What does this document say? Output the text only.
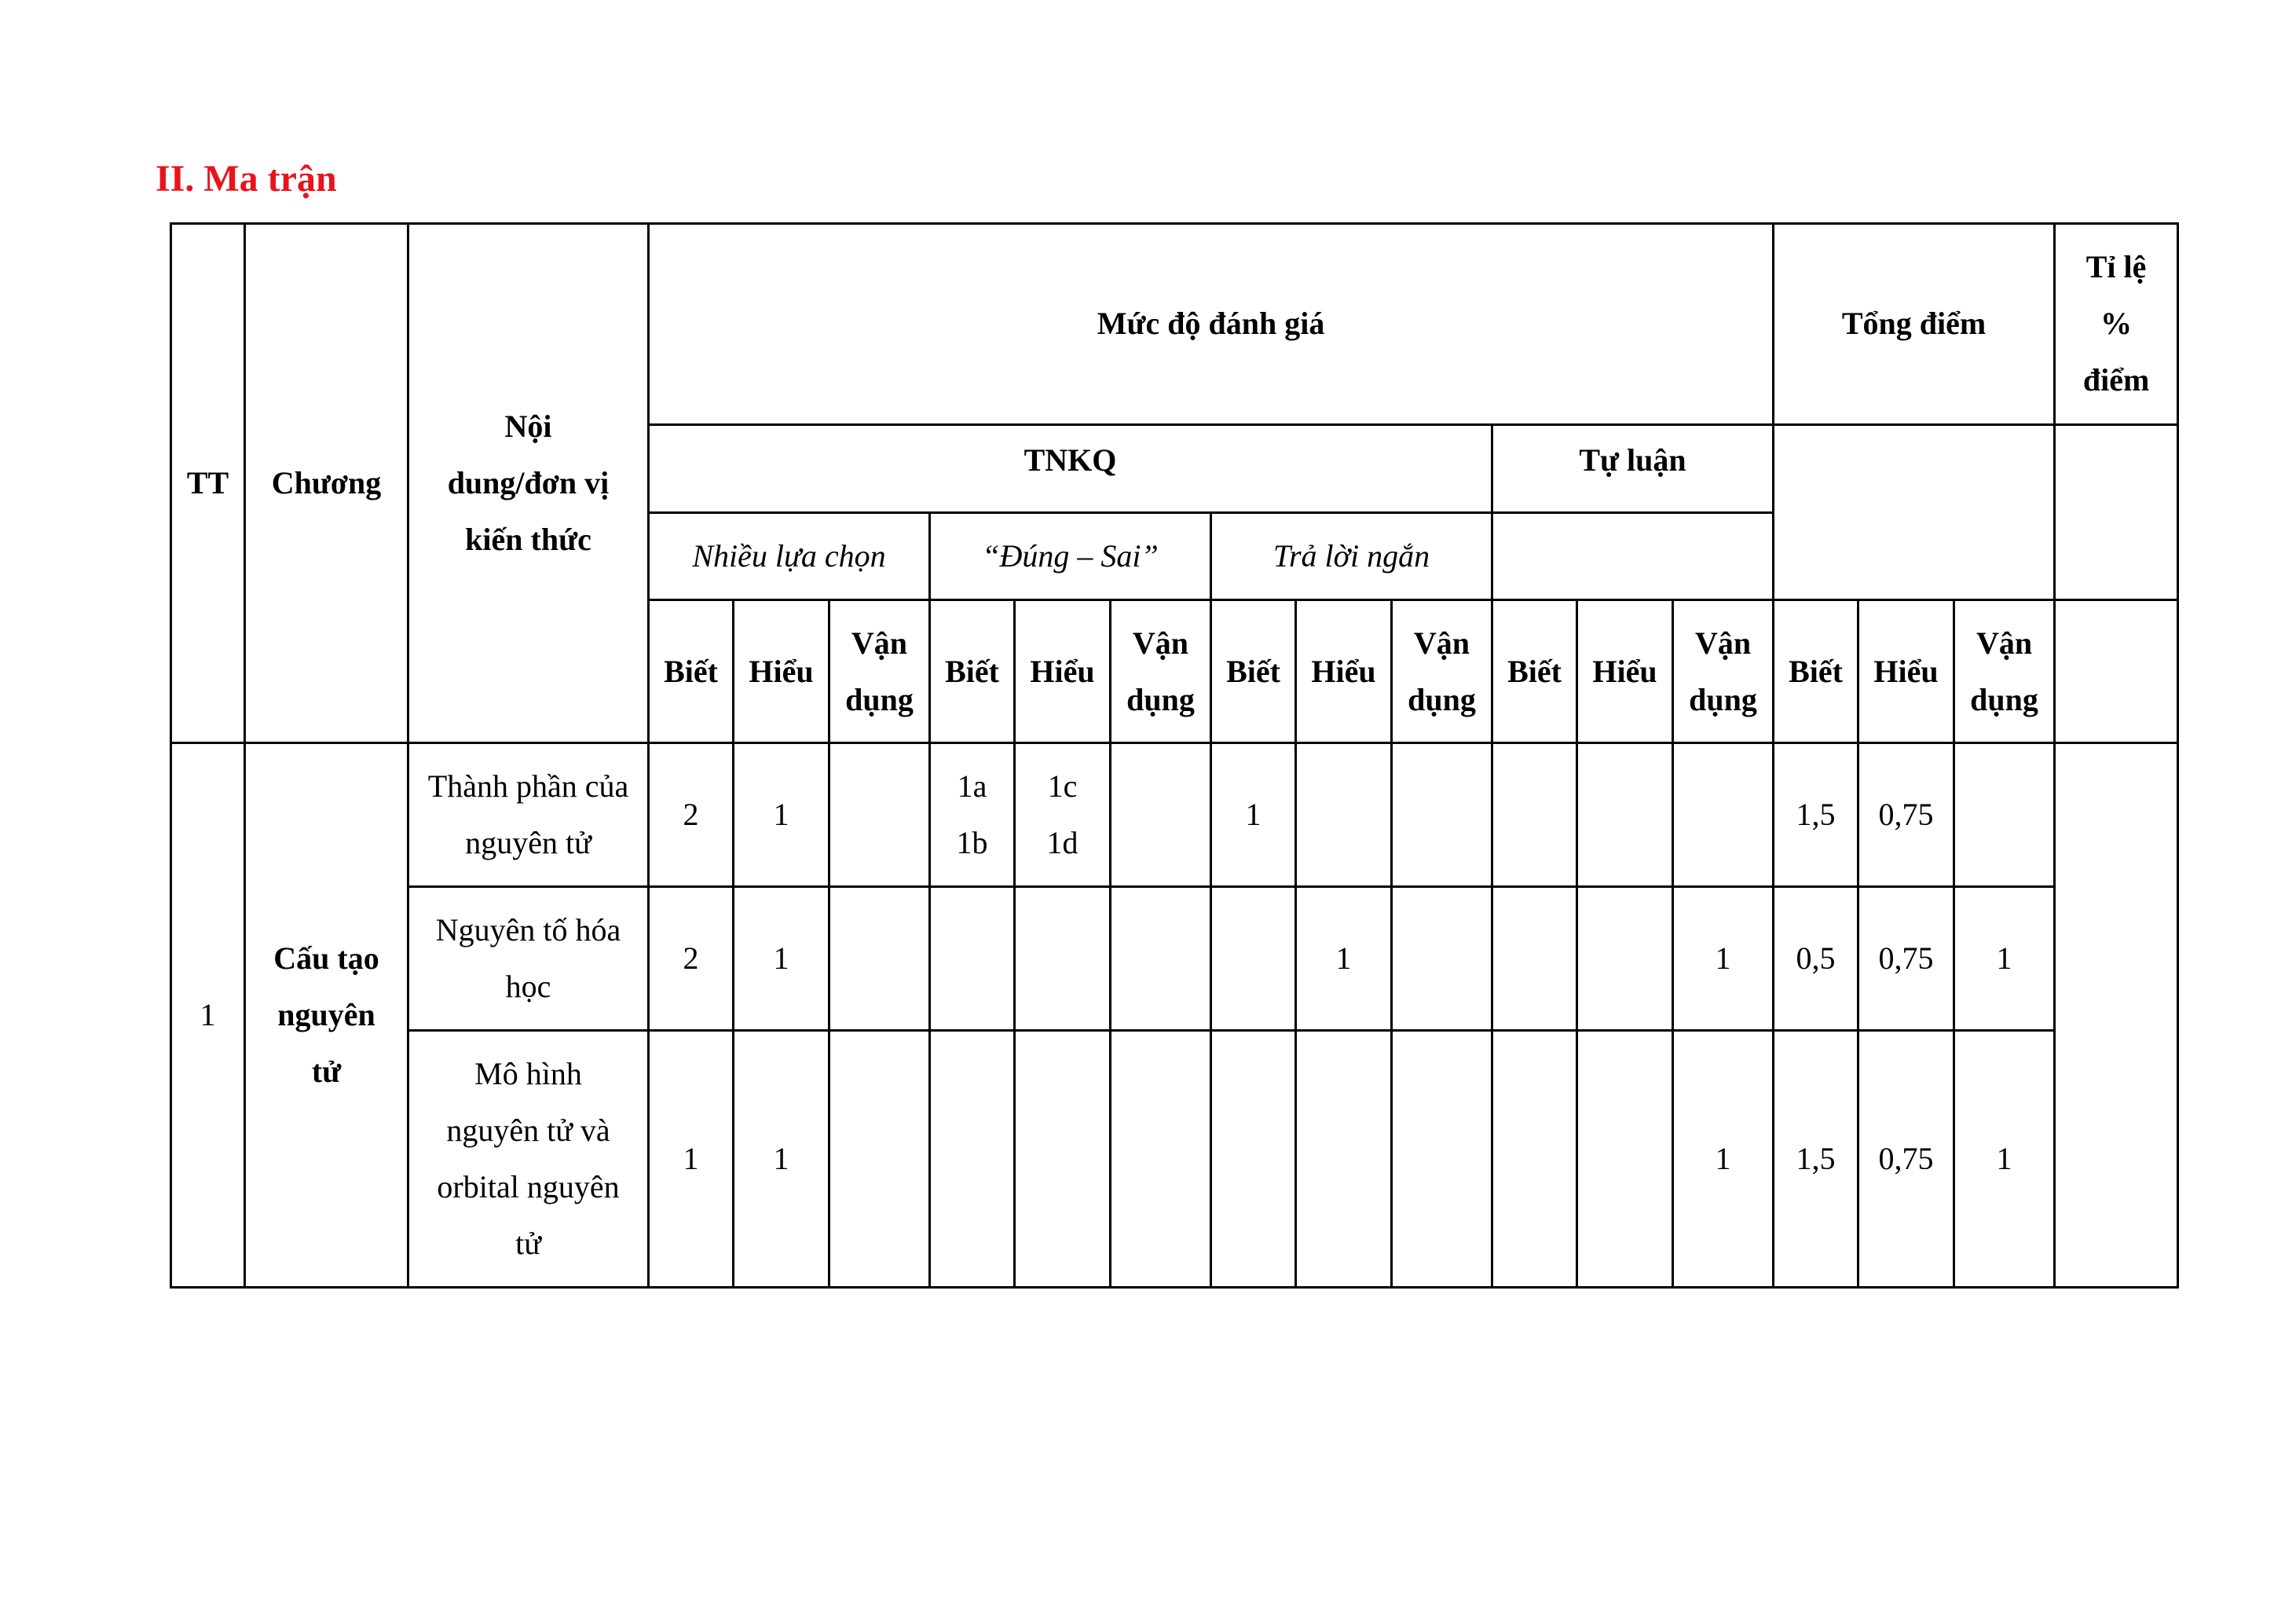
II. Ma trận
TT	Chương	Nội
dung/đơn vị
kiến thức	Mức độ đánh giá												Tổng điểm			Tỉ lệ
%
điểm

			TNKQ									Tự luận						
			Nhiều lựa chọn			“Đúng – Sai”			Trả lời ngắn									
			Biết	Hiểu	Vận
dụng	Biết	Hiểu	Vận
dụng	Biết	Hiểu	Vận
dụng	Biết	Hiểu	Vận
dụng	Biết	Hiểu	Vận
dụng	

1	Cấu tạo
nguyên
tử	Thành phần của
nguyên tử	2	1		1a
1b	1c
1d		1						1,5	0,75		

		Nguyên tố hóa
học	2	1						1				1	0,5	0,75	1	

		Mô hình
nguyên tử và
orbital nguyên
tử	1	1										1	1,5	0,75	1	
